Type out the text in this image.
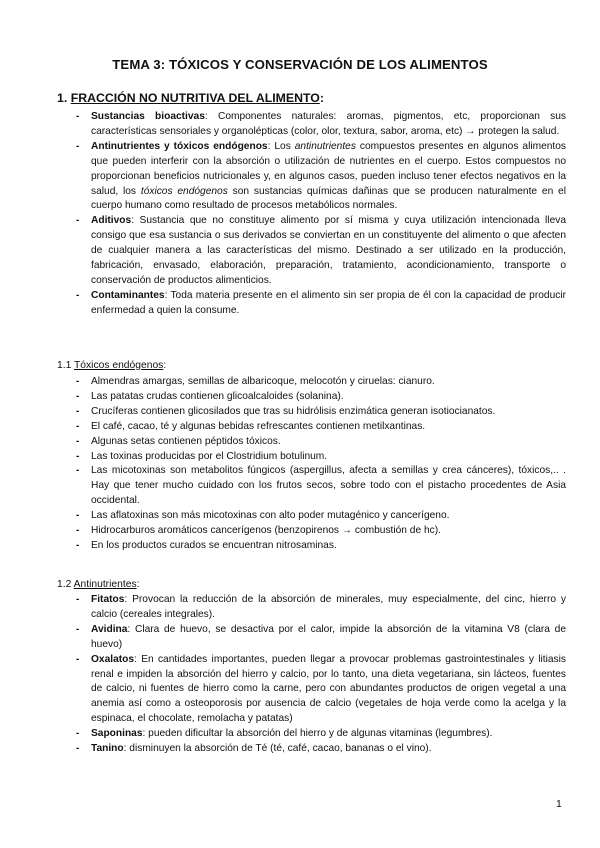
TEMA 3: TÓXICOS Y CONSERVACIÓN DE LOS ALIMENTOS
1. FRACCIÓN NO NUTRITIVA DEL ALIMENTO:
- Sustancias bioactivas: Componentes naturales: aromas, pigmentos, etc, proporcionan sus características sensoriales y organolépticas (color, olor, textura, sabor, aroma, etc) → protegen la salud.
- Antinutrientes y tóxicos endógenos: Los antinutrientes compuestos presentes en algunos alimentos que pueden interferir con la absorción o utilización de nutrientes en el cuerpo. Estos compuestos no proporcionan beneficios nutricionales y, en algunos casos, pueden incluso tener efectos negativos en la salud, los tóxicos endógenos son sustancias químicas dañinas que se producen naturalmente en el cuerpo humano como resultado de procesos metabólicos normales.
- Aditivos: Sustancia que no constituye alimento por sí misma y cuya utilización intencionada lleva consigo que esa sustancia o sus derivados se conviertan en un constituyente del alimento o que afecten de cualquier manera a las características del mismo. Destinado a ser utilizado en la producción, fabricación, envasado, elaboración, preparación, tratamiento, acondicionamiento, transporte o conservación de productos alimenticios.
- Contaminantes: Toda materia presente en el alimento sin ser propia de él con la capacidad de producir enfermedad a quien la consume.
1.1 Tóxicos endógenos:
- Almendras amargas, semillas de albaricoque, melocotón y ciruelas: cianuro.
- Las patatas crudas contienen glicoalcaloides (solanina).
- Crucíferas contienen glicosilados que tras su hidrólisis enzimática generan isotiocianatos.
- El café, cacao, té y algunas bebidas refrescantes contienen metilxantinas.
- Algunas setas contienen péptidos tóxicos.
- Las toxinas producidas por el Clostridium botulinum.
- Las micotoxinas son metabolitos fúngicos (aspergillus, afecta a semillas y crea cánceres), tóxicos,.. . Hay que tener mucho cuidado con los frutos secos, sobre todo con el pistacho procedentes de Asia occidental.
- Las aflatoxinas son más micotoxinas con alto poder mutagénico y cancerígeno.
- Hidrocarburos aromáticos cancerígenos (benzopirenos → combustión de hc).
- En los productos curados se encuentran nitrosaminas.
1.2 Antinutrientes:
- Fitatos: Provocan la reducción de la absorción de minerales, muy especialmente, del cinc, hierro y calcio (cereales integrales).
- Avidina: Clara de huevo, se desactiva por el calor, impide la absorción de la vitamina V8 (clara de huevo)
- Oxalatos: En cantidades importantes, pueden llegar a provocar problemas gastrointestinales y litiasis renal e impiden la absorción del hierro y calcio, por lo tanto, una dieta vegetariana, sin lácteos, fuentes de calcio, ni fuentes de hierro como la carne, pero con abundantes productos de origen vegetal a una anemia así como a osteoporosis por ausencia de calcio (vegetales de hoja verde como la acelga y la espinaca, el chocolate, remolacha y patatas)
- Saponinas: pueden dificultar la absorción del hierro y de algunas vitaminas (legumbres).
- Tanino: disminuyen la absorción de Té (té, café, cacao, bananas o el vino).
1
